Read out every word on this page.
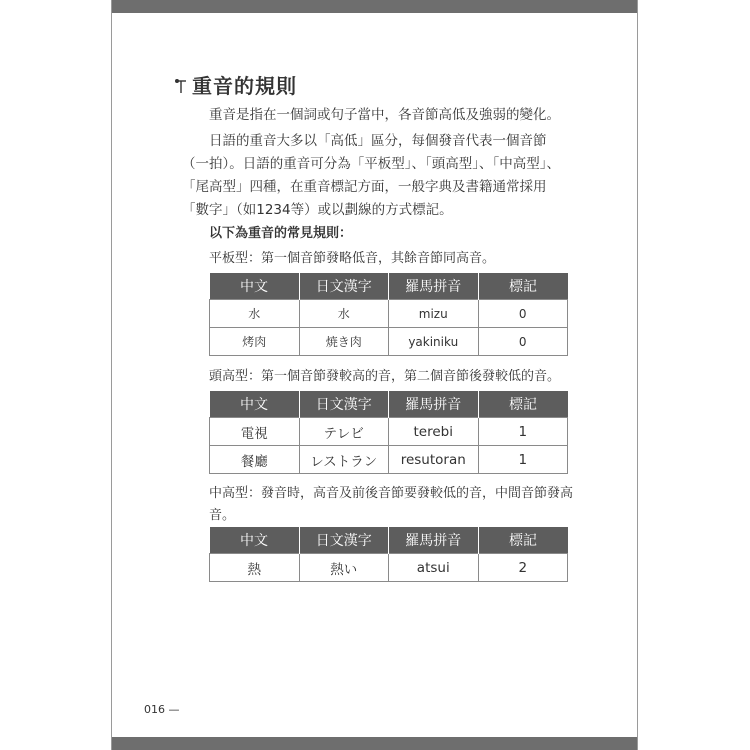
重音的規則
重音是指在一個詞或句子當中，各音節高低及強弱的變化。
日語的重音大多以「高低」區分，每個發音代表一個音節（一拍）。日語的重音可分為「平板型」、「頭高型」、「中高型」、「尾高型」四種，在重音標記方面，一般字典及書籍通常採用「數字」（如1234等）或以劃線的方式標記。
以下為重音的常見規則：
平板型：第一個音節發略低音，其餘音節同高音。
中文	日文漢字	羅馬拼音	標記
水	水	mizu	0
烤肉	焼き肉	yakiniku	0
頭高型：第一個音節發較高的音，第二個音節後發較低的音。
中文	日文漢字	羅馬拼音	標記
電視	テレビ	terebi	1
餐廳	レストラン	resutoran	1
中高型：發音時，高音及前後音節要發較低的音，中間音節發高音。
中文	日文漢字	羅馬拼音	標記
熱	熱い	atsui	2
016 —
